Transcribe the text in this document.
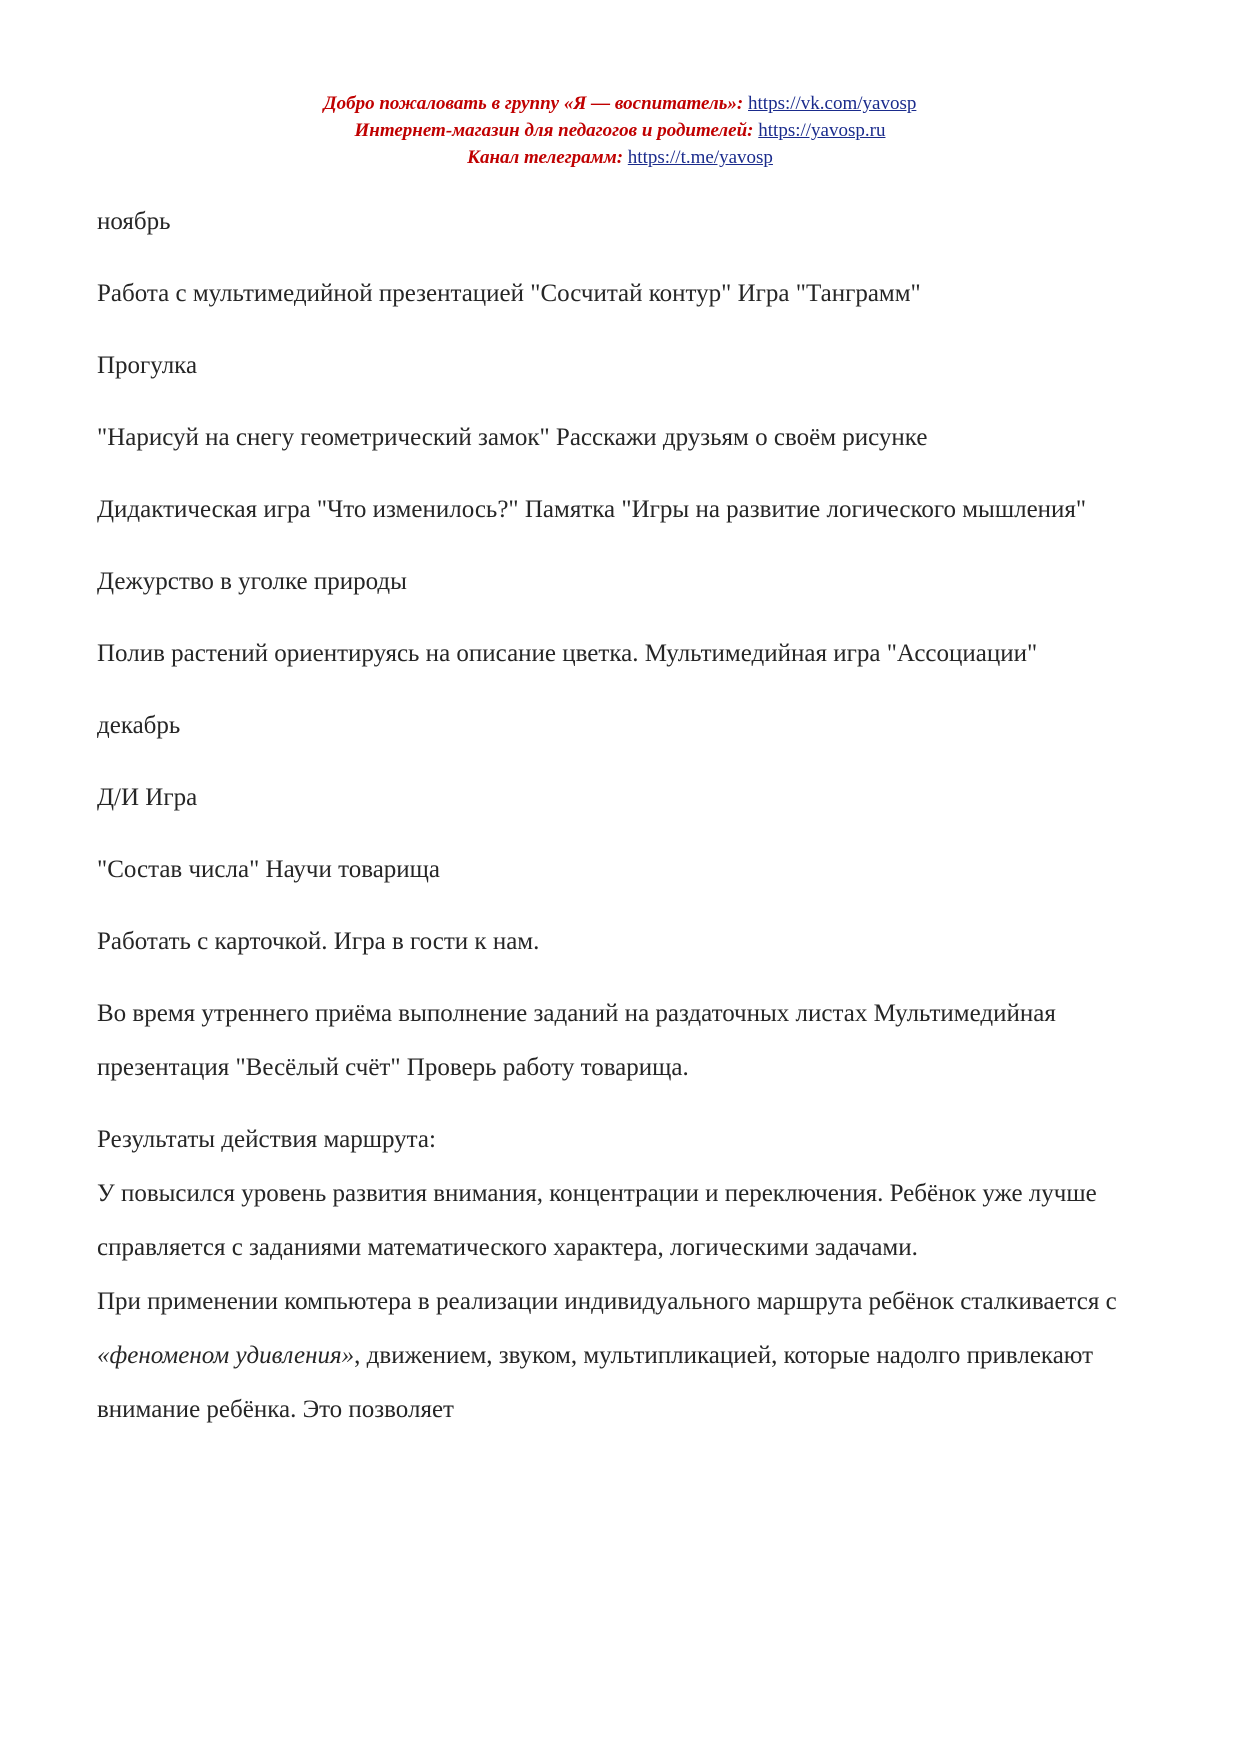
Добро пожаловать в группу «Я — воспитатель»: https://vk.com/yavosp
Интернет-магазин для педагогов и родителей: https://yavosp.ru
Канал телеграмм: https://t.me/yavosp

ноябрь

Работа с мультимедийной презентацией "Сосчитай контур" Игра "Танграмм"

Прогулка

"Нарисуй на снегу геометрический замок" Расскажи друзьям о своём рисунке

Дидактическая игра "Что изменилось?" Памятка "Игры на развитие логического мышления"

Дежурство в уголке природы

Полив растений ориентируясь на описание цветка. Мультимедийная игра "Ассоциации"

декабрь

Д/И Игра

"Состав числа" Научи товарища

Работать с карточкой. Игра в гости к нам.

Во время утреннего приёма выполнение заданий на раздаточных листах Мультимедийная презентация "Весёлый счёт" Проверь работу товарища.

Результаты действия маршрута:

У повысился уровень развития внимания, концентрации и переключения. Ребёнок уже лучше справляется с заданиями математического характера, логическими задачами.

При применении компьютера в реализации индивидуального маршрута ребёнок сталкивается с «феноменом удивления», движением, звуком, мультипликацией, которые надолго привлекают внимание ребёнка. Это позволяет
